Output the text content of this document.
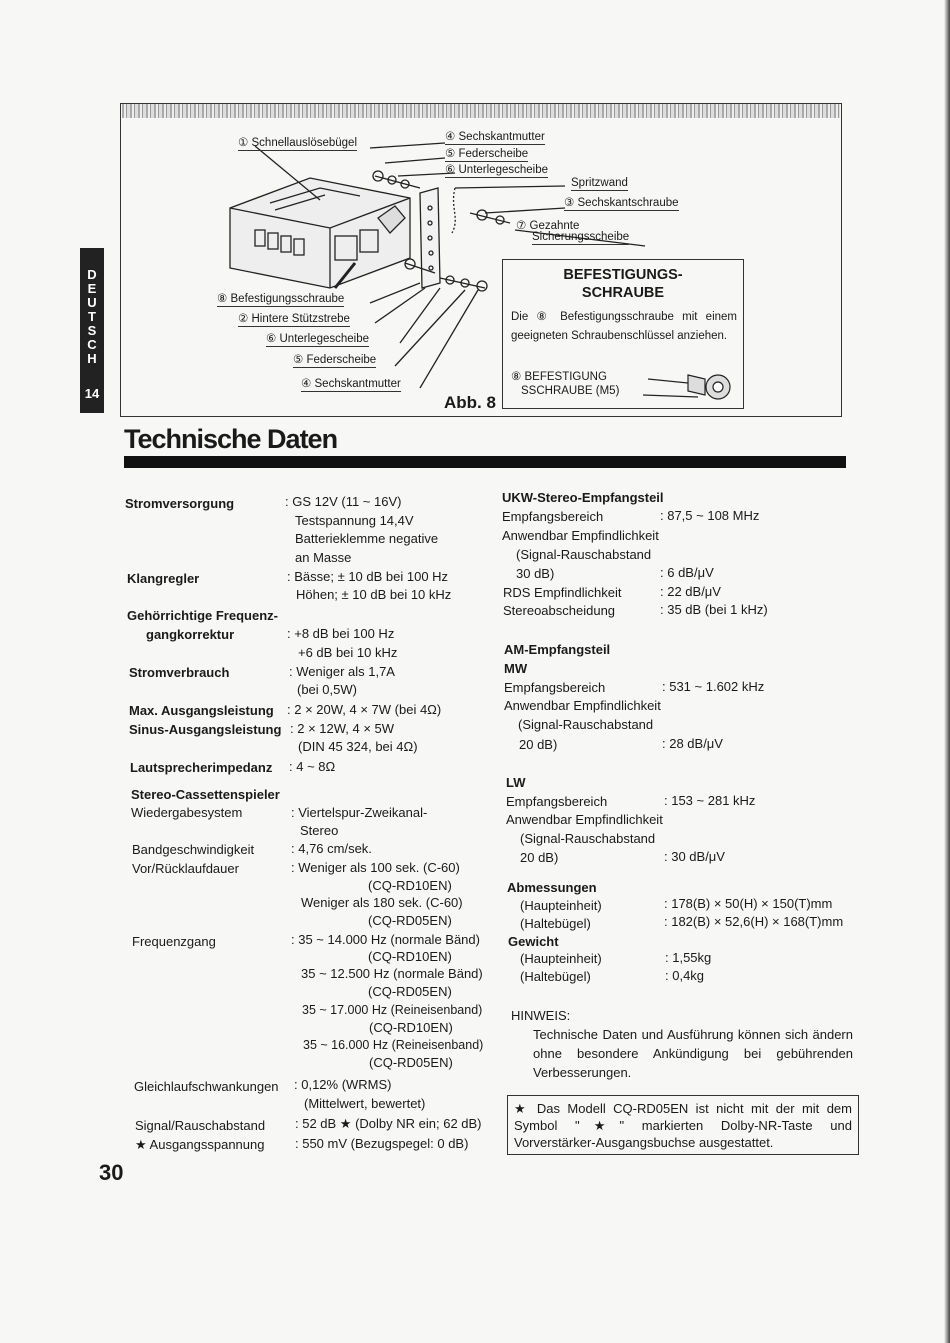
D
E
U
T
S
C
H
14
① Schnellauslösebügel	④ Sechskantmutter
⑤ Federscheibe
⑥ Unterlegescheibe
Spritzwand
③ Sechskantschraube
⑦ Gezahnte
Sicherungsscheibe
⑧ Befestigungsschraube
② Hintere Stützstrebe
⑥ Unterlegescheibe
⑤ Federscheibe
④ Sechskantmutter
Abb. 8
BEFESTIGUNGS-
SCHRAUBE
Die ⑧ Befestigungsschraube mit einem geeigneten Schraubenschlüssel anziehen.
⑧ BEFESTIGUNG
SSCHRAUBE (M5)
Technische Daten
Stromversorgung	: GS 12V (11 ~ 16V)
Testspannung 14,4V
Batterieklemme negative
an Masse
Klangregler	: Bässe; ± 10 dB bei 100 Hz
Höhen; ± 10 dB bei 10 kHz
Gehörrichtige Frequenz-
gangkorrektur	: +8 dB bei 100 Hz
+6 dB bei 10 kHz
Stromverbrauch	: Weniger als 1,7A
(bei 0,5W)
Max. Ausgangsleistung : 2 × 20W, 4 × 7W (bei 4Ω)
Sinus-Ausgangsleistung : 2 × 12W, 4 × 5W
(DIN 45 324, bei 4Ω)
Lautsprecherimpedanz : 4 ~ 8Ω
Stereo-Cassettenspieler
Wiedergabesystem	: Viertelspur-Zweikanal-
Stereo
Bandgeschwindigkeit	: 4,76 cm/sek.
Vor/Rücklaufdauer	: Weniger als 100 sek. (C-60)
(CQ-RD10EN)
Weniger als 180 sek. (C-60)
(CQ-RD05EN)
Frequenzgang	: 35 ~ 14.000 Hz (normale Bänd)
(CQ-RD10EN)
35 ~ 12.500 Hz (normale Bänd)
(CQ-RD05EN)
35 ~ 17.000 Hz (Reineisenband)
(CQ-RD10EN)
35 ~ 16.000 Hz (Reineisenband)
(CQ-RD05EN)
Gleichlaufschwankungen : 0,12% (WRMS)
(Mittelwert, bewertet)
Signal/Rauschabstand : 52 dB ★ (Dolby NR ein; 62 dB)
★ Ausgangsspannung : 550 mV (Bezugspegel: 0 dB)
UKW-Stereo-Empfangsteil
Empfangsbereich	: 87,5 ~ 108 MHz
Anwendbar Empfindlichkeit
(Signal-Rauschabstand
30 dB)	: 6 dB/μV
RDS Empfindlichkeit	: 22 dB/μV
Stereoabscheidung	: 35 dB (bei 1 kHz)
AM-Empfangsteil
MW
Empfangsbereich	: 531 ~ 1.602 kHz
Anwendbar Empfindlichkeit
(Signal-Rauschabstand
20 dB)	: 28 dB/μV
LW
Empfangsbereich	: 153 ~ 281 kHz
Anwendbar Empfindlichkeit
(Signal-Rauschabstand
20 dB)	: 30 dB/μV
Abmessungen
(Haupteinheit)	: 178(B) × 50(H) × 150(T)mm
(Haltebügel)	: 182(B) × 52,6(H) × 168(T)mm
Gewicht
(Haupteinheit)	: 1,55kg
(Haltebügel)	: 0,4kg
HINWEIS:
Technische Daten und Ausführung können sich ändern ohne besondere Ankündigung bei gebührenden Verbesserungen.
★ Das Modell CQ-RD05EN ist nicht mit der mit dem Symbol "★" markierten Dolby-NR-Taste und Vorverstärker-Ausgangsbuchse ausgestattet.
30
